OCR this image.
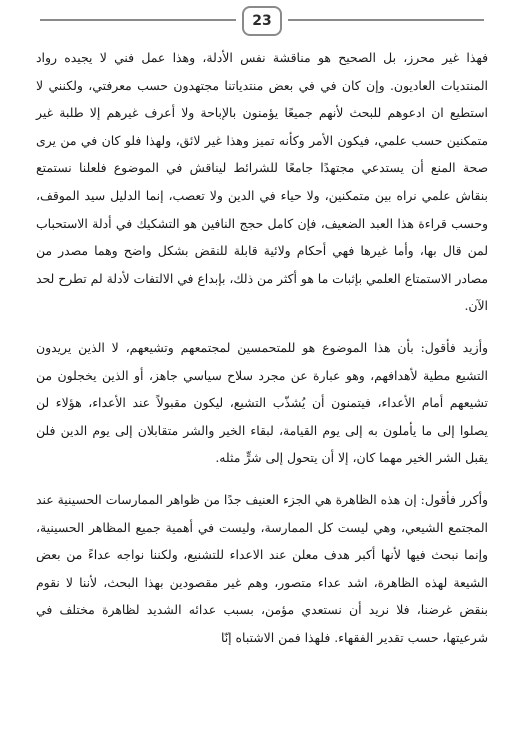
23

فهذا غير محرز، بل الصحيح هو مناقشة نفس الأدلة، وهذا عمل فني لا يجيده رواد المنتديات العاديون. وإن كان في في بعض منتدياتنا مجتهدون حسب معرفتي، ولكنني لا استطيع ان ادعوهم للبحث لأنهم جميعًا يؤمنون بالإباحة ولا أعرف غيرهم إلا طلبة غير متمكنين حسب علمي، فيكون الأمر وكأنه تميز وهذا غير لائق، ولهذا فلو كان في من يرى صحة المنع أن يستدعي مجتهدًا جامعًا للشرائط ليناقش في الموضوع فلعلنا نستمتع بنقاش علمي نراه بين متمكنين، ولا حياء في الدين ولا تعصب، إنما الدليل سيد الموقف، وحسب قراءة هذا العبد الضعيف، فإن كامل حجج النافين هو التشكيك في أدلة الاستحباب لمن قال بها، وأما غيرها فهي أحكام ولائية قابلة للنقض بشكل واضح وهما مصدر من مصادر الاستمتاع العلمي بإثبات ما هو أكثر من ذلك، بإبداع في الالتفات لأدلة لم تطرح لحد الآن.

وأزيد فأقول: بأن هذا الموضوع هو للمتحمسين لمجتمعهم وتشيعهم، لا الذين يريدون التشيع مطية لأهدافهم، وهو عبارة عن مجرد سلاح سياسي جاهز، أو الذين يخجلون من تشيعهم أمام الأعداء، فيتمنون أن يُشذّب التشيع، ليكون مقبولاً عند الأعداء، هؤلاء لن يصلوا إلى ما يأملون به إلى يوم القيامة، لبقاء الخير والشر متقابلان إلى يوم الدين فلن يقبل الشر الخير مهما كان، إلا أن يتحول إلى شرٍّ مثله.

وأكرر فأقول: إن هذه الظاهرة هي الجزء العنيف جدًا من ظواهر الممارسات الحسينية عند المجتمع الشيعي، وهي ليست كل الممارسة، وليست في أهمية جميع المظاهر الحسينية، وإنما نبحث فيها لأنها أكبر هدف معلن عند الاعداء للتشنيع، ولكننا نواجه عداءً من بعض الشيعة لهذه الظاهرة، اشد عداء متصور، وهم غير مقصودين بهذا البحث، لأننا لا نقوم بنقض غرضنا، فلا نريد أن نستعدي مؤمن، بسبب عدائه الشديد لظاهرة مختلف في شرعيتها، حسب تقدير الفقهاء. فلهذا فمن الاشتباه إنّا
